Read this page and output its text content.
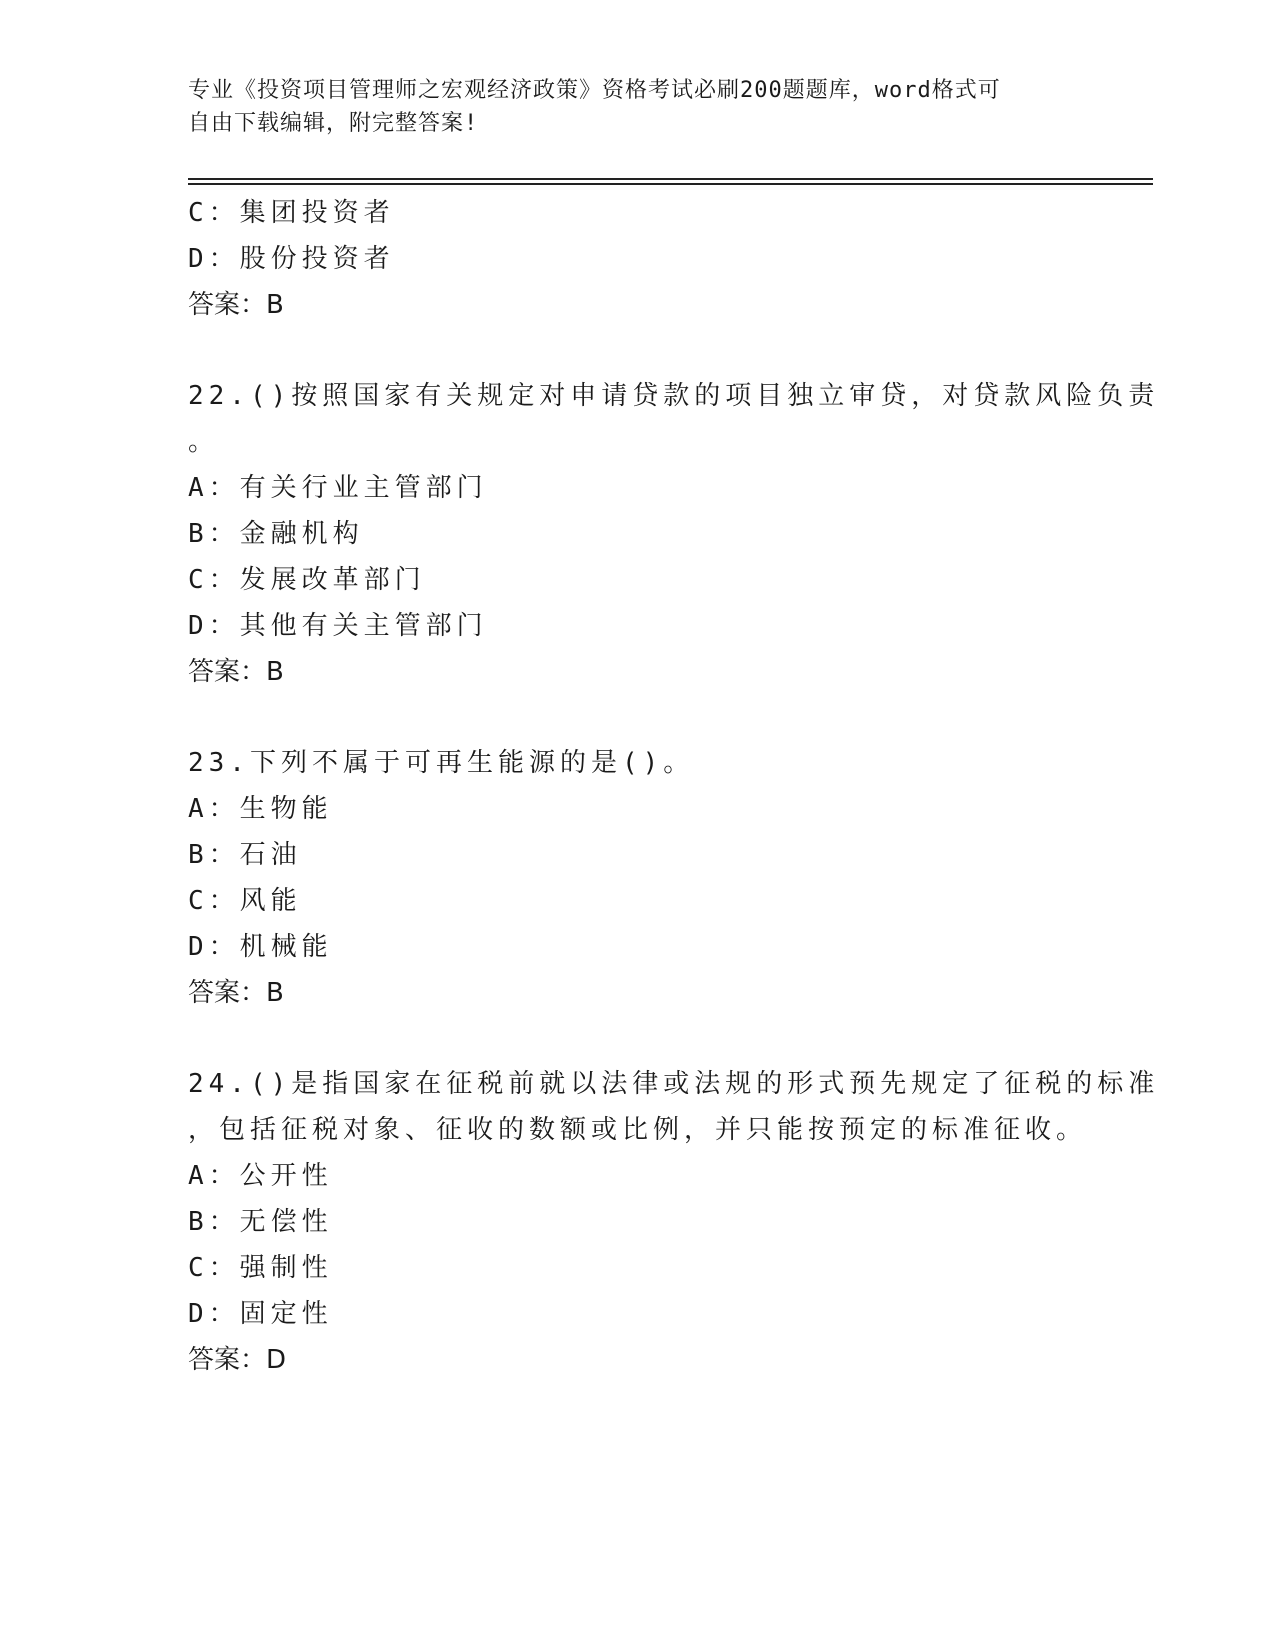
专业《投资项目管理师之宏观经济政策》资格考试必刷200题题库，word格式可
自由下载编辑，附完整答案!
C：集团投资者
D：股份投资者
答案：B
22.()按照国家有关规定对申请贷款的项目独立审贷，对贷款风险负责
。
A：有关行业主管部门
B：金融机构
C：发展改革部门
D：其他有关主管部门
答案：B
23.下列不属于可再生能源的是()。
A：生物能
B：石油
C：风能
D：机械能
答案：B
24.()是指国家在征税前就以法律或法规的形式预先规定了征税的标准
，包括征税对象、征收的数额或比例，并只能按预定的标准征收。
A：公开性
B：无偿性
C：强制性
D：固定性
答案：D
